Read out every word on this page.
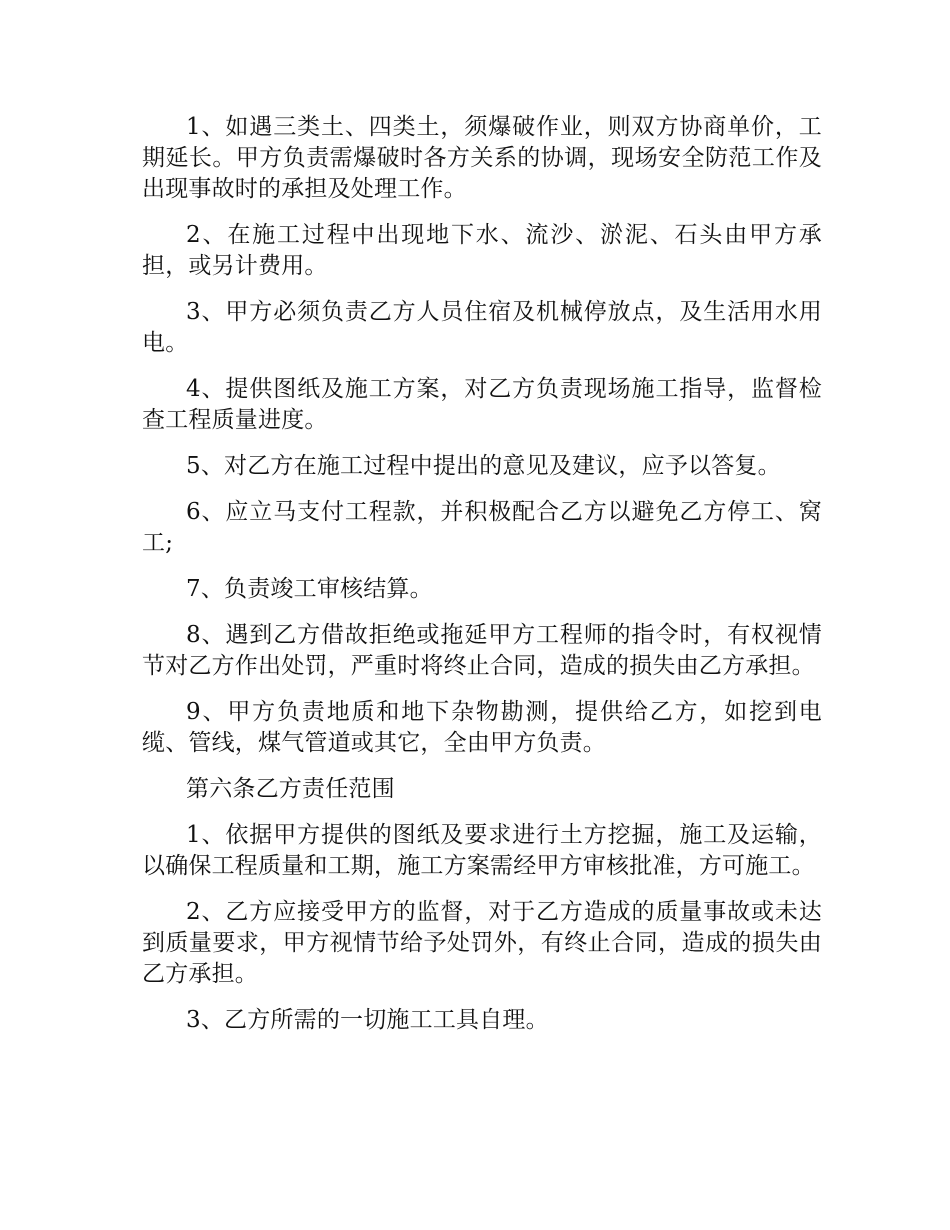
1、如遇三类土、四类土，须爆破作业，则双方协商单价，工期延长。甲方负责需爆破时各方关系的协调，现场安全防范工作及出现事故时的承担及处理工作。

2、在施工过程中出现地下水、流沙、淤泥、石头由甲方承担，或另计费用。

3、甲方必须负责乙方人员住宿及机械停放点，及生活用水用电。

4、提供图纸及施工方案，对乙方负责现场施工指导，监督检查工程质量进度。

5、对乙方在施工过程中提出的意见及建议，应予以答复。

6、应立马支付工程款，并积极配合乙方以避免乙方停工、窝工;

7、负责竣工审核结算。

8、遇到乙方借故拒绝或拖延甲方工程师的指令时，有权视情节对乙方作出处罚，严重时将终止合同，造成的损失由乙方承担。

9、甲方负责地质和地下杂物勘测，提供给乙方，如挖到电缆、管线，煤气管道或其它，全由甲方负责。

第六条乙方责任范围

1、依据甲方提供的图纸及要求进行土方挖掘，施工及运输，以确保工程质量和工期，施工方案需经甲方审核批准，方可施工。

2、乙方应接受甲方的监督，对于乙方造成的质量事故或未达到质量要求，甲方视情节给予处罚外，有终止合同，造成的损失由乙方承担。

3、乙方所需的一切施工工具自理。
